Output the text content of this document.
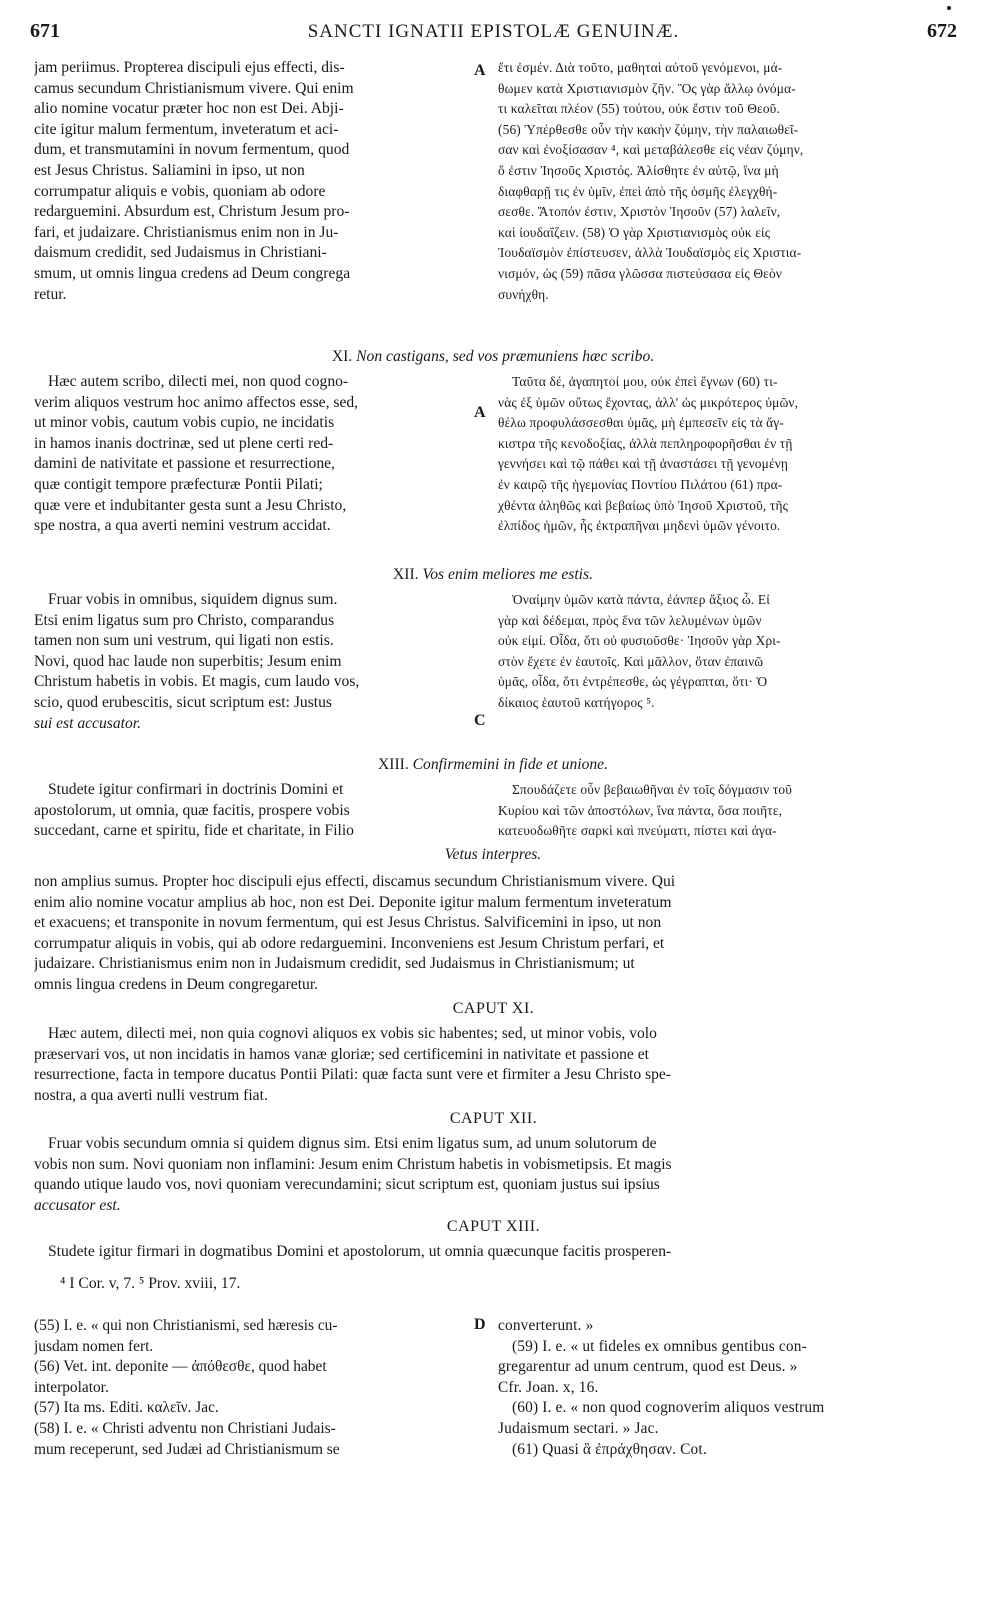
671	SANCTI IGNATII EPISTOLÆ GENUINÆ.	672
jam periimus. Propterea discipuli ejus effecti, dis-
camus secundum Christianismum vivere. Qui enim
alio nomine vocatur præter hoc non est Dei. Abji-
cite igitur malum fermentum, inveteratum et aci-
dum, et transmutamini in novum fermentum, quod
est Jesus Christus. Saliamini in ipso, ut non
corrumpatur aliquis e vobis, quoniam ab odore
redarguemini. Absurdum est, Christum Jesum pro-
fari, et judaizare. Christianismus enim non in Ju-
daismum credidit, sed Judaismus in Christiani-
smum, ut omnis lingua credens ad Deum congrega
retur.
A ἔτι ἐσμέν. Διὰ τοῦτο, μαθηταὶ αὐτοῦ γενόμενοι, μά-
θωμεν κατὰ Χριστιανισμὸν ζῆν. Ὃς γὰρ ἄλλῳ ὀνόμα-
τι καλεῖται πλέον (55) τούτου, οὐκ ἔστιν τοῦ Θεοῦ.
(56) Ὑπέρθεσθε οὖν τὴν κακὴν ζύμην, τὴν παλαιωθεῖ-
σαν καὶ ἐνοξίσασαν ⁴, καὶ μεταβάλεσθε εἰς νέαν ζύμην,
ὅ ἐστιν Ἰησοῦς Χριστός. Ἁλίσθητε ἐν αὐτῷ, ἵνα μὴ
διαφθαρῇ τις ἐν ὑμῖν, ἐπεὶ ἀπὸ τῆς ὀσμῆς ἐλεγχθή-
σεσθε. Ἄτοπόν ἐστιν, Χριστὸν Ἰησοῦν (57) λαλεῖν,
καὶ ἰουδαΐζειν. (58) Ὁ γὰρ Χριστιανισμὸς οὐκ εἰς
Ἰουδαϊσμὸν ἐπίστευσεν, ἀλλὰ Ἰουδαϊσμὸς εἰς Χριστια-
νισμόν, ὡς (59) πᾶσα γλῶσσα πιστεύσασα εἰς Θεὸν
συνήχθη.
XI. Non castigans, sed vos præmuniens hæc scribo.
Hæc autem scribo, dilecti mei, non quod cogno-
verim aliquos vestrum hoc animo affectos esse, sed,
ut minor vobis, cautum vobis cupio, ne incidatis
in hamos inanis doctrinæ, sed ut plene certi red-
damini de nativitate et passione et resurrectione,
quæ contigit tempore præfecturæ Pontii Pilati;
quæ vere et indubitanter gesta sunt a Jesu Christo,
spe nostra, a qua averti nemini vestrum accidat.
A
Ταῦτα δέ, ἀγαπητοί μου, οὐκ ἐπεὶ ἔγνων (60) τι-
νὰς ἐξ ὑμῶν οὕτως ἔχοντας, ἀλλ' ὡς μικρότερος ὑμῶν,
θέλω προφυλάσσεσθαι ὑμᾶς, μὴ ἐμπεσεῖν εἰς τὰ ἄγ-
κιστρα τῆς κενοδοξίας, ἀλλὰ πεπληροφορῆσθαι ἐν τῇ
γεννήσει καὶ τῷ πάθει καὶ τῇ ἀναστάσει τῇ γενομένῃ
ἐν καιρῷ τῆς ἡγεμονίας Ποντίου Πιλάτου (61) πρα-
χθέντα ἀληθῶς καὶ βεβαίως ὑπὸ Ἰησοῦ Χριστοῦ, τῆς
ἐλπίδος ἡμῶν, ἧς ἐκτραπῆναι μηδενὶ ὑμῶν γένοιτο.
XII. Vos enim meliores me estis.
Fruar vobis in omnibus, siquidem dignus sum.
Etsi enim ligatus sum pro Christo, comparandus
tamen non sum uni vestrum, qui ligati non estis.
Novi, quod hac laude non superbitis; Jesum enim
Christum habetis in vobis. Et magis, cum laudo vos,
scio, quod erubescitis, sicut scriptum est: Justus
sui est accusator.	C
Ὀναίμην ὑμῶν κατὰ πάντα, ἐάνπερ ἄξιος ὦ. Εἰ
γὰρ καὶ δέδεμαι, πρὸς ἕνα τῶν λελυμένων ὑμῶν
οὐκ εἰμί. Οἶδα, ὅτι οὐ φυσιοῦσθε· Ἰησοῦν γὰρ Χρι-
στὸν ἔχετε ἐν ἑαυτοῖς. Καὶ μᾶλλον, ὅταν ἐπαινῶ
ὑμᾶς, οἶδα, ὅτι ἐντρέπεσθε, ὡς γέγραπται, ὅτι· Ὁ
δίκαιος ἑαυτοῦ κατήγορος ⁵.
XIII. Confirmemini in fide et unione.
Studete igitur confirmari in doctrinis Domini et
apostolorum, ut omnia, quæ facitis, prospere vobis
succedant, carne et spiritu, fide et charitate, in Filio
Σπουδάζετε οὖν βεβαιωθῆναι ἐν τοῖς δόγμασιν τοῦ
Κυρίου καὶ τῶν ἀποστόλων, ἵνα πάντα, ὅσα ποιῆτε,
κατευοδωθῆτε σαρκὶ καὶ πνεύματι, πίστει καὶ ἀγα-
Vetus interpres.
non amplius sumus. Propter hoc discipuli ejus effecti, discamus secundum Christianismum vivere. Qui
enim alio nomine vocatur amplius ab hoc, non est Dei. Deponite igitur malum fermentum inveteratum
et exacuens; et transponite in novum fermentum, qui est Jesus Christus. Salvificemini in ipso, ut non
corrumpatur aliquis in vobis, qui ab odore redarguemini. Inconveniens est Jesum Christum perfari, et
judaizare. Christianismus enim non in Judaismum credidit, sed Judaismus in Christianismum; ut
omnis lingua credens in Deum congregaretur.
CAPUT XI.
Hæc autem, dilecti mei, non quia cognovi aliquos ex vobis sic habentes; sed, ut minor vobis, volo
præservari vos, ut non incidatis in hamos vanæ gloriæ; sed certificemini in nativitate et passione et
resurrectione, facta in tempore ducatus Pontii Pilati: quæ facta sunt vere et firmiter a Jesu Christo spe-
nostra, a qua averti nulli vestrum fiat.
CAPUT XII.
Fruar vobis secundum omnia si quidem dignus sim. Etsi enim ligatus sum, ad unum solutorum de
vobis non sum. Novi quoniam non inflamini: Jesum enim Christum habetis in vobismetipsis. Et magis
quando utique laudo vos, novi quoniam verecundamini; sicut scriptum est, quoniam justus sui ipsius
accusator est.
CAPUT XIII.
Studete igitur firmari in dogmatibus Domini et apostolorum, ut omnia quæcunque facitis prosperen-
⁴ I Cor. v, 7. ⁵ Prov. xviii, 17.
(55) I. e. « qui non Christianismi, sed hæresis cu-
jusdam nomen fert.
(56) Vet. int. deponite — ἀπόθεσθε, quod habet
interpolator.
(57) Ita ms. Editi. καλεῖν. Jac.
(58) I. e. « Christi adventu non Christiani Judais-
mum receperunt, sed Judæi ad Christianismum se
D converterunt. »
(59) I. e. « ut fideles ex omnibus gentibus con-
gregarentur ad unum centrum, quod est Deus. »
Cfr. Joan. x, 16.
(60) I. e. « non quod cognoverim aliquos vestrum
Judaismum sectari. » Jac.
(61) Quasi ἃ ἐπράχθησαν. Cot.
